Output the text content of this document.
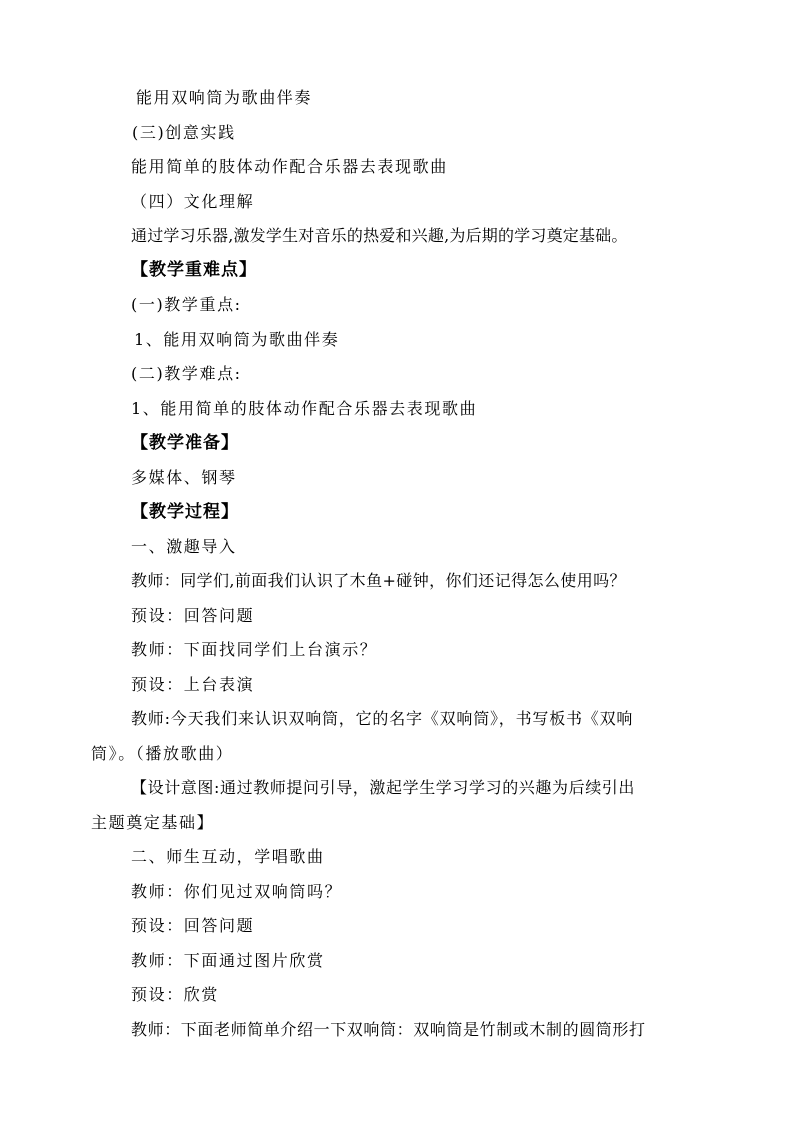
能用双响筒为歌曲伴奏
(三)创意实践
能用简单的肢体动作配合乐器去表现歌曲
（四）文化理解
通过学习乐器,激发学生对音乐的热爱和兴趣,为后期的学习奠定基础。
【教学重难点】
(一)教学重点:
1、能用双响筒为歌曲伴奏
(二)教学难点:
1、能用简单的肢体动作配合乐器去表现歌曲
【教学准备】
多媒体、钢琴
【教学过程】
一、激趣导入
教师：同学们,前面我们认识了木鱼+碰钟，你们还记得怎么使用吗？
预设：回答问题
教师：下面找同学们上台演示？
预设：上台表演
教师:今天我们来认识双响筒，它的名字《双响筒》，书写板书《双响
筒》。（播放歌曲）
【设计意图:通过教师提问引导，激起学生学习学习的兴趣为后续引出
主题奠定基础】
二、师生互动，学唱歌曲
教师：你们见过双响筒吗？
预设：回答问题
教师：下面通过图片欣赏
预设：欣赏
教师：下面老师简单介绍一下双响筒：双响筒是竹制或木制的圆筒形打
